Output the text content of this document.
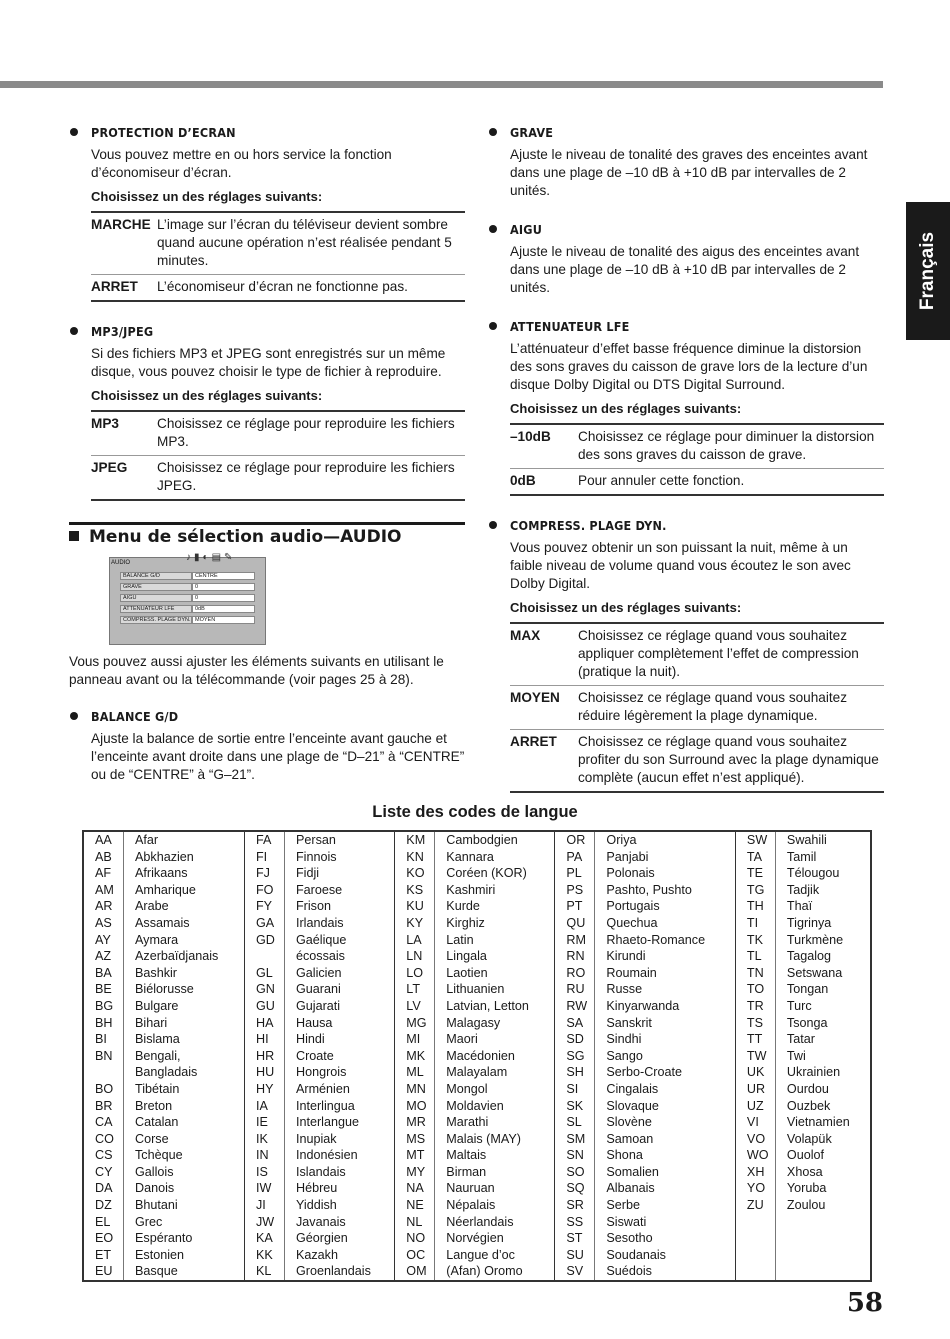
Français
PROTECTION D’ECRAN
Vous pouvez mettre en ou hors service la fonction d’économiseur d’écran.
Choisissez un des réglages suivants:
MARCHE	L’image sur l’écran du téléviseur devient sombre quand aucune opération n’est réalisée pendant 5 minutes.
ARRET	L’économiseur d’écran ne fonctionne pas.
MP3/JPEG
Si des fichiers MP3 et JPEG sont enregistrés sur un même disque, vous pouvez choisir le type de fichier à reproduire.
Choisissez un des réglages suivants:
MP3	Choisissez ce réglage pour reproduire les fichiers MP3.
JPEG	Choisissez ce réglage pour reproduire les fichiers JPEG.
Menu de sélection audio—AUDIO
AUDIO	♪ ▮ ◐ ▤ ✎
BALANCE G/D	CENTRE
GRAVE	0
AIGU	0
ATTENUATEUR LFE	0dB
COMPRESS. PLAGE DYN. MOYEN
Vous pouvez aussi ajuster les éléments suivants en utilisant le panneau avant ou la télécommande (voir pages 25 à 28).
BALANCE G/D
Ajuste la balance de sortie entre l’enceinte avant gauche et l’enceinte avant droite dans une plage de “D–21” à “CENTRE” ou de “CENTRE” à “G–21”.
GRAVE
Ajuste le niveau de tonalité des graves des enceintes avant dans une plage de –10 dB à +10 dB par intervalles de 2 unités.
AIGU
Ajuste le niveau de tonalité des aigus des enceintes avant dans une plage de –10 dB à +10 dB par intervalles de 2 unités.
ATTENUATEUR LFE
L’atténuateur d’effet basse fréquence diminue la distorsion des sons graves du caisson de grave lors de la lecture d’un disque Dolby Digital ou DTS Digital Surround.
Choisissez un des réglages suivants:
–10dB	Choisissez ce réglage pour diminuer la distorsion des sons graves du caisson de grave.
0dB	Pour annuler cette fonction.
COMPRESS. PLAGE DYN.
Vous pouvez obtenir un son puissant la nuit, même à un faible niveau de volume quand vous écoutez le son avec Dolby Digital.
Choisissez un des réglages suivants:
MAX	Choisissez ce réglage quand vous souhaitez appliquer complètement l’effet de compression (pratique la nuit).
MOYEN	Choisissez ce réglage quand vous souhaitez réduire légèrement la plage dynamique.
ARRET	Choisissez ce réglage quand vous souhaitez profiter du son Surround avec la plage dynamique complète (aucun effet n’est appliqué).
Liste des codes de langue
AA	Afar	FA	Persan	KM	Cambodgien	OR	Oriya	SW	Swahili
AB	Abkhazien	FI	Finnois	KN	Kannara	PA	Panjabi	TA	Tamil
AF	Afrikaans	FJ	Fidji	KO	Coréen (KOR)	PL	Polonais	TE	Télougou
AM	Amharique	FO	Faroese	KS	Kashmiri	PS	Pashto, Pushto	TG	Tadjik
AR	Arabe	FY	Frison	KU	Kurde	PT	Portugais	TH	Thaï
AS	Assamais	GA	Irlandais	KY	Kirghiz	QU	Quechua	TI	Tigrinya
AY	Aymara	GD	Gaélique	LA	Latin	RM	Rhaeto-Romance	TK	Turkmène
AZ	Azerbaïdjanais		écossais	LN	Lingala	RN	Kirundi	TL	Tagalog
BA	Bashkir	GL	Galicien	LO	Laotien	RO	Roumain	TN	Setswana
BE	Biélorusse	GN	Guarani	LT	Lithuanien	RU	Russe	TO	Tongan
BG	Bulgare	GU	Gujarati	LV	Latvian, Letton	RW	Kinyarwanda	TR	Turc
BH	Bihari	HA	Hausa	MG	Malagasy	SA	Sanskrit	TS	Tsonga
BI	Bislama	HI	Hindi	MI	Maori	SD	Sindhi	TT	Tatar
BN	Bengali,	HR	Croate	MK	Macédonien	SG	Sango	TW	Twi
	Bangladais	HU	Hongrois	ML	Malayalam	SH	Serbo-Croate	UK	Ukrainien
BO	Tibétain	HY	Arménien	MN	Mongol	SI	Cingalais	UR	Ourdou
BR	Breton	IA	Interlingua	MO	Moldavien	SK	Slovaque	UZ	Ouzbek
CA	Catalan	IE	Interlangue	MR	Marathi	SL	Slovène	VI	Vietnamien
CO	Corse	IK	Inupiak	MS	Malais (MAY)	SM	Samoan	VO	Volapük
CS	Tchèque	IN	Indonésien	MT	Maltais	SN	Shona	WO	Ouolof
CY	Gallois	IS	Islandais	MY	Birman	SO	Somalien	XH	Xhosa
DA	Danois	IW	Hébreu	NA	Nauruan	SQ	Albanais	YO	Yoruba
DZ	Bhutani	JI	Yiddish	NE	Népalais	SR	Serbe	ZU	Zoulou
EL	Grec	JW	Javanais	NL	Néerlandais	SS	Siswati		
EO	Espéranto	KA	Géorgien	NO	Norvégien	ST	Sesotho		
ET	Estonien	KK	Kazakh	OC	Langue d’oc	SU	Soudanais		
EU	Basque	KL	Groenlandais	OM	(Afan) Oromo	SV	Suédois		
58
